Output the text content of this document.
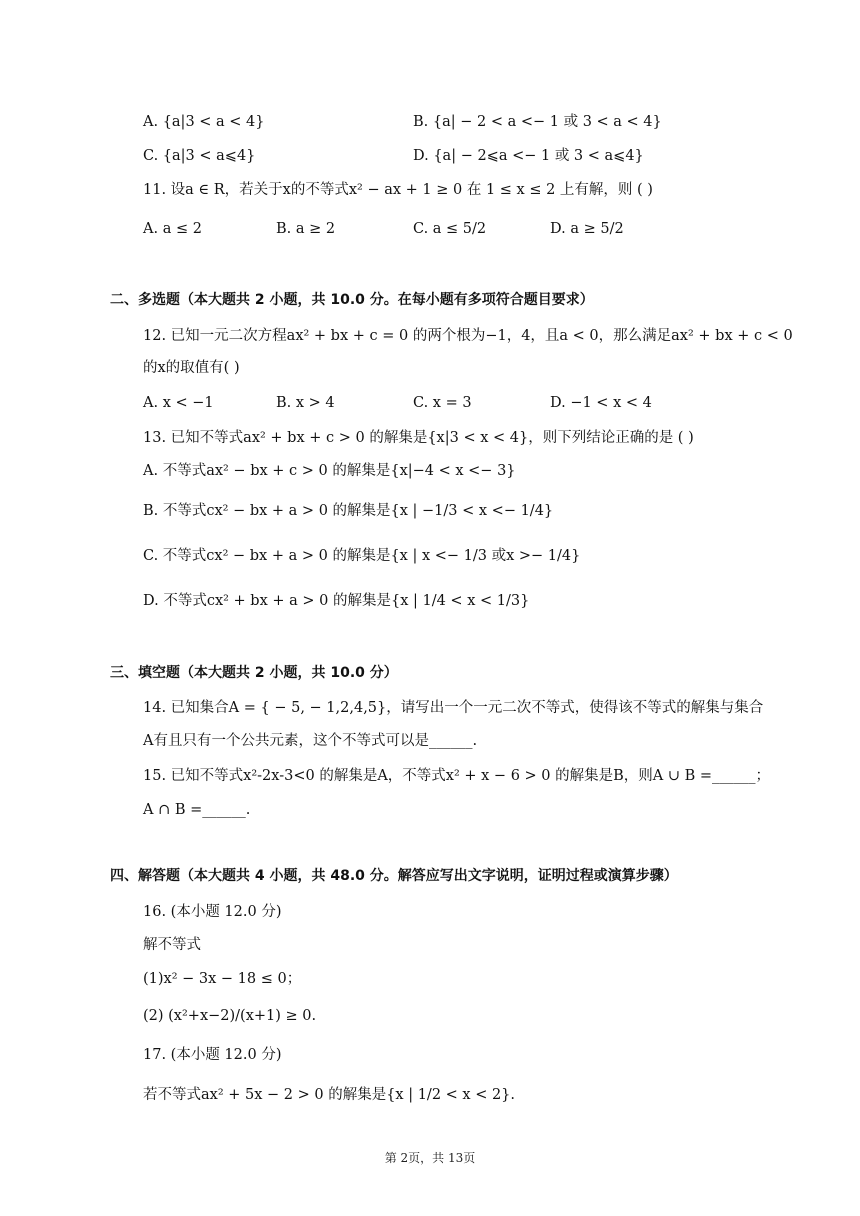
A. {a|3 < a < 4}	B. {a| − 2 < a <− 1 或 3 < a < 4}
C. {a|3 < a⩽4}	D. {a| − 2⩽a <− 1 或 3 < a⩽4}
11. 设a ∈ R，若关于x的不等式x² − ax + 1 ≥ 0 在 1 ≤ x ≤ 2 上有解，则 ( )
A. a ≤ 2	B. a ≥ 2	C. a ≤ 5/2	D. a ≥ 5/2
二、多选题（本大题共 2 小题，共 10.0 分。在每小题有多项符合题目要求）
12. 已知一元二次方程ax² + bx + c = 0 的两个根为−1，4，且a < 0，那么满足ax² + bx + c < 0
的x的取值有( )
A. x < −1	B. x > 4	C. x = 3	D. −1 < x < 4
13. 已知不等式ax² + bx + c > 0 的解集是{x|3 < x < 4}，则下列结论正确的是 ( )
A. 不等式ax² − bx + c > 0 的解集是{x|−4 < x <− 3}
B. 不等式cx² − bx + a > 0 的解集是{x | −1/3 < x <− 1/4}
C. 不等式cx² − bx + a > 0 的解集是{x | x <− 1/3 或x >− 1/4}
D. 不等式cx² + bx + a > 0 的解集是{x | 1/4 < x < 1/3}
三、填空题（本大题共 2 小题，共 10.0 分）
14. 已知集合A = { − 5, − 1,2,4,5}，请写出一个一元二次不等式，使得该不等式的解集与集合
A有且只有一个公共元素，这个不等式可以是______.
15. 已知不等式x²-2x-3<0 的解集是A，不等式x² + x − 6 > 0 的解集是B，则A ∪ B =______；
A ∩ B =______.
四、解答题（本大题共 4 小题，共 48.0 分。解答应写出文字说明，证明过程或演算步骤）
16. (本小题 12.0 分)
解不等式
(1)x² − 3x − 18 ≤ 0；
(2) (x²+x−2)/(x+1) ≥ 0.
17. (本小题 12.0 分)
若不等式ax² + 5x − 2 > 0 的解集是{x | 1/2 < x < 2}.
第 2页，共 13页
